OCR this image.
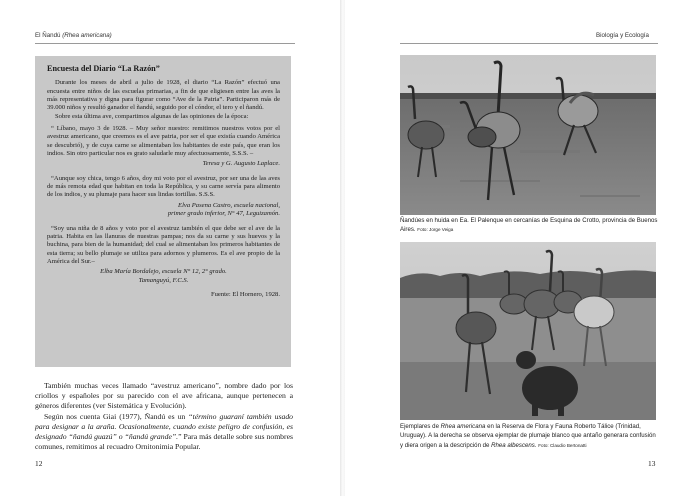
El Ñandú (Rhea americana)
Encuesta del Diario “La Razón”

Durante los meses de abril a julio de 1928, el diario “La Razón” efectuó una encuesta entre niños de las escuelas primarias, a fin de que eligiesen entre las aves la más representativa y digna para figurar como “Ave de la Patria”. Participaron más de 39.000 niños y resultó ganador el ñandú, seguido por el cóndor, el tero y el ñandú.

Sobre esta última ave, compartimos algunas de las opiniones de la época:

“ Líbano, mayo 3 de 1928. – Muy señor nuestro: remitimos nuestros votos por el avestruz americano, que creemos es el ave patria, por ser el que existía cuando América se descubrió), y de cuya carne se alimentaban los habitantes de este país, que eran los indios. Sin otro particular nos es grato saludarle muy afectuosamente, S.S.S. –

Teresa y G. Augusto Laplace.

“Aunque soy chica, tengo 6 años, doy mi voto por el avestruz, por ser una de las aves de más remota edad que habitan en toda la República, y su carne servía para alimento de los indios, y su plumaje para hacer sus lindas tortillas. S.S.S.

Elva Pasena Castro, escuela nacional,
primer grado inferior, N° 47, Leguizamón.

“Soy una niña de 8 años y voto por el avestruz también el que debe ser el ave de la patria. Habita en las llanuras de nuestras pampas; nos da su carne y sus huevos y la buchina, para bien de la humanidad; del cual se alimentaban los primeros habitantes de esta tierra; su bello plumaje se utiliza para adornos y plumeros. Es el ave propio de la América del Sur.–

Elba María Bordalejo, escuela N° 12, 2° grado.
Tamanguyú, F.C.S.
Fuente: El Hornero, 1928.

También muchas veces llamado “avestruz americano”, nombre dado por los criollos y españoles por su parecido con el ave africana, aunque pertenecen a géneros diferentes (ver Sistemática y Evolución).

Según nos cuenta Giai (1977), Ñandú es un “término guaraní también usado para designar a la araña. Ocasionalmente, cuando existe peligro de confusión, es designado “ñandú guazú” o “ñandú grande”.” Para más detalle sobre sus nombres comunes, remitimos al recuadro Ornitonimia Popular.

12
Biología y Ecología
Ñandúes en huida en Ea. El Palenque en cercanías de Esquina de Crotto, provincia de Buenos Aires. Foto: Jorge Veiga
Ejemplares de Rhea americana en la Reserva de Flora y Fauna Roberto Tálice (Trinidad, Uruguay). A la derecha se observa ejemplar de plumaje blanco que antaño generara confusión y diera origen a la descripción de Rhea albescens. Foto: Claudio Bertonatti
13
